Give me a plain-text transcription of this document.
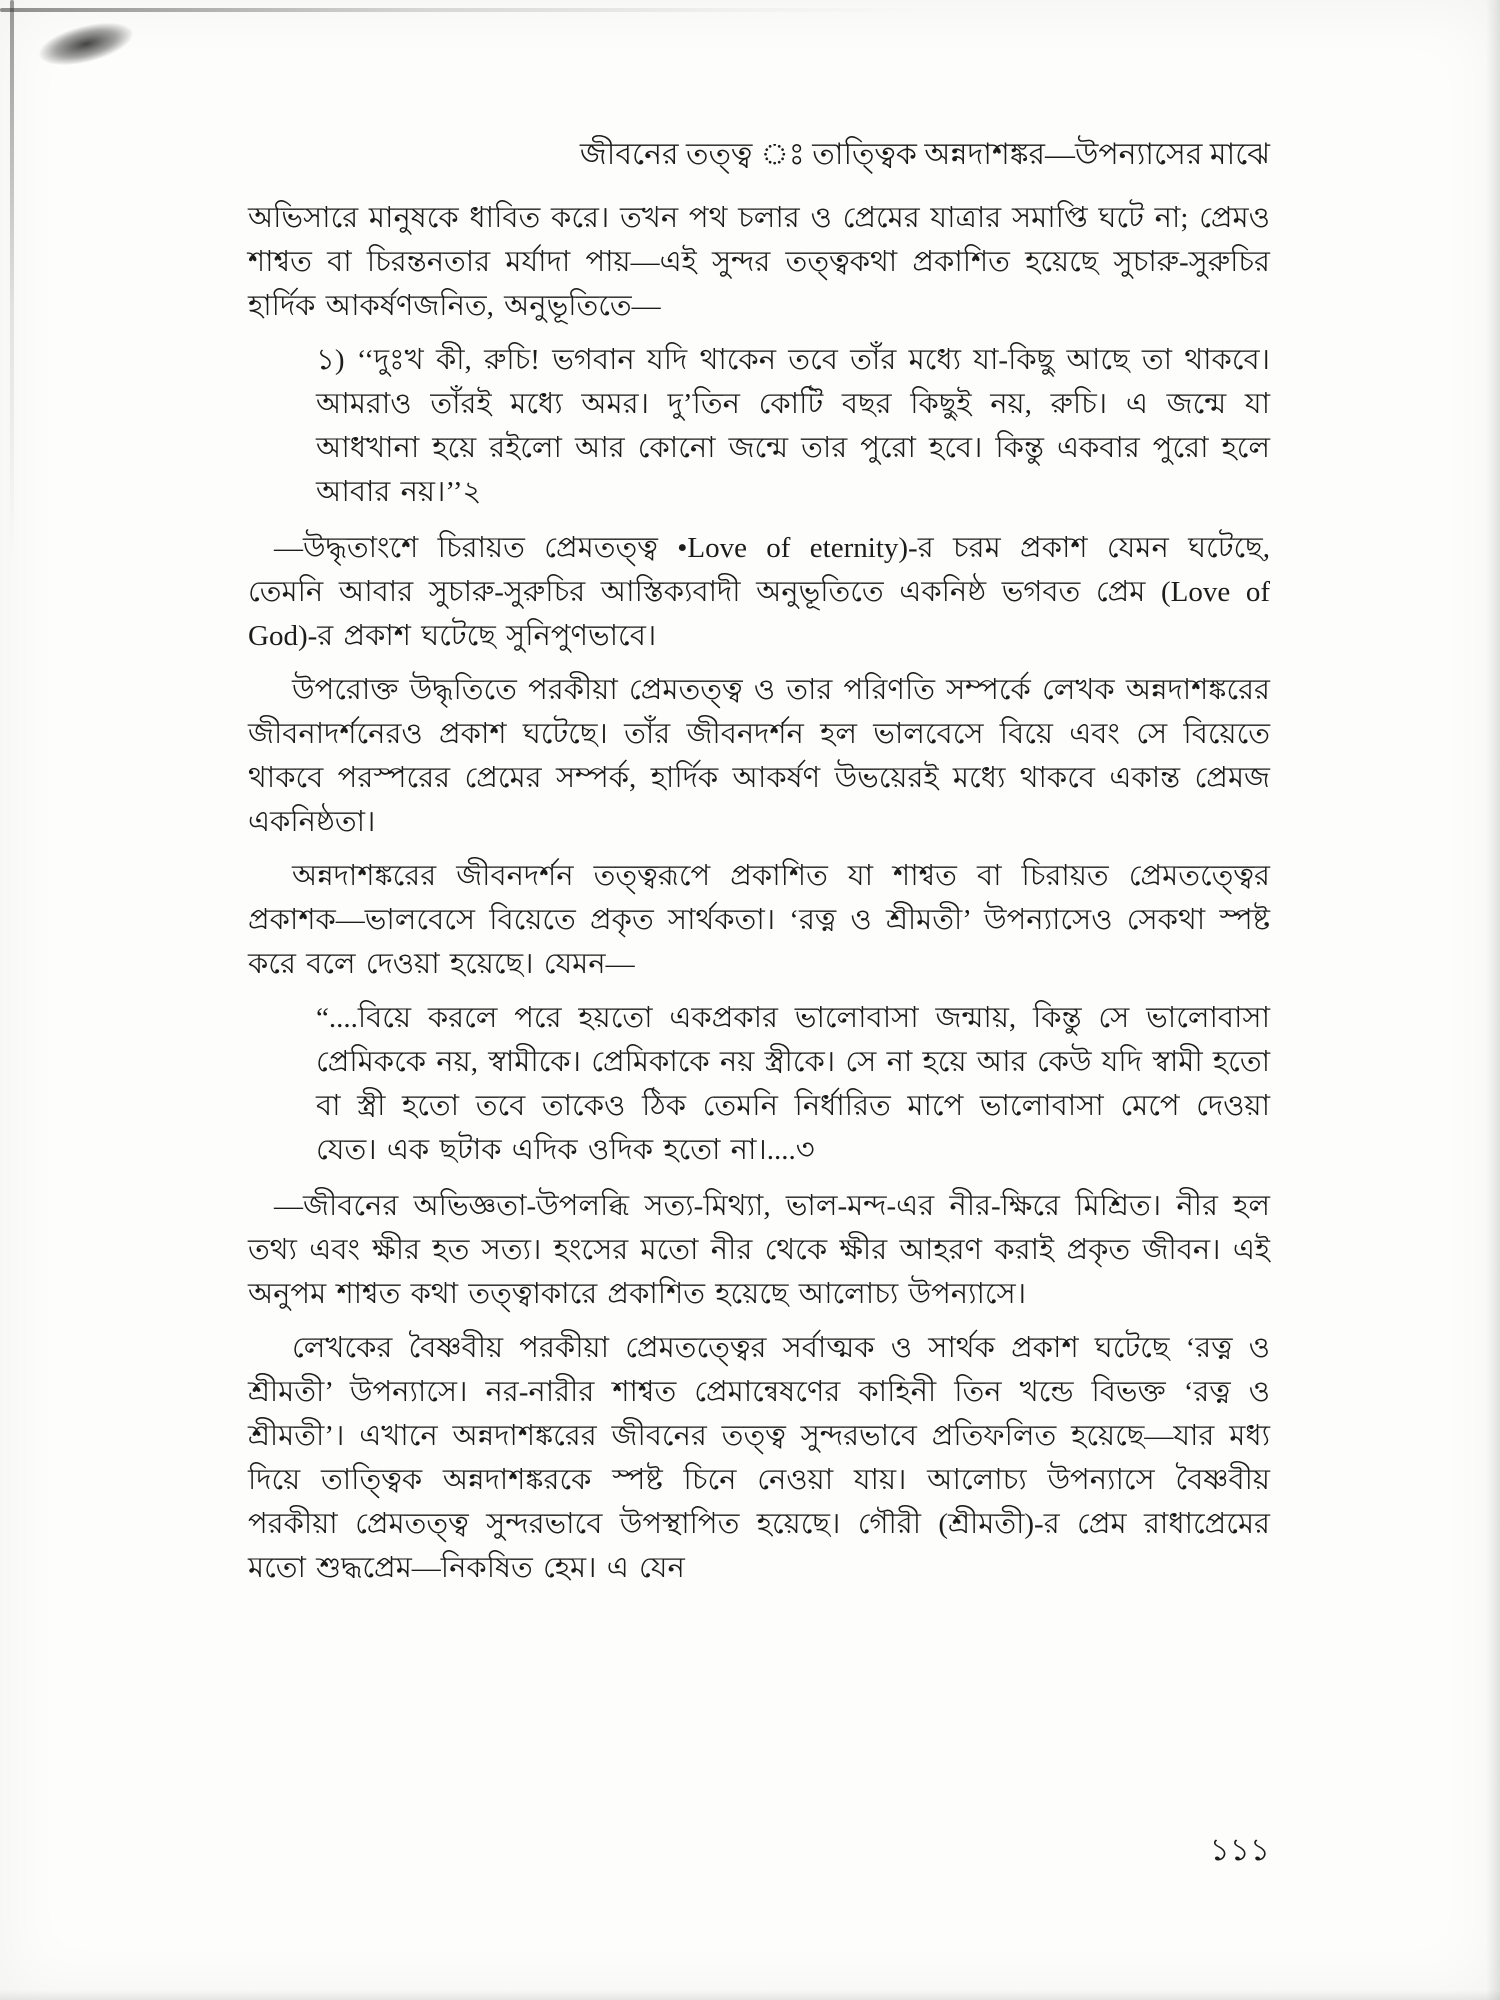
জীবনের তত্ত্ব ঃ তাত্ত্বিক অন্নদাশঙ্কর—উপন্যাসের মাঝে

অভিসারে মানুষকে ধাবিত করে। তখন পথ চলার ও প্রেমের যাত্রার সমাপ্তি ঘটে না; প্রেমও শাশ্বত বা চিরন্তনতার মর্যাদা পায়—এই সুন্দর তত্ত্বকথা প্রকাশিত হয়েছে সুচারু-সুরুচির হার্দিক আকর্ষণজনিত, অনুভূতিতে—

১) ‘‘দুঃখ কী, রুচি! ভগবান যদি থাকেন তবে তাঁর মধ্যে যা-কিছু আছে তা থাকবে। আমরাও তাঁরই মধ্যে অমর। দু’তিন কোটি বছর কিছুই নয়, রুচি। এ জন্মে যা আধখানা হয়ে রইলো আর কোনো জন্মে তার পুরো হবে। কিন্তু একবার পুরো হলে আবার নয়।’’২

—উদ্ধৃতাংশে চিরায়ত প্রেমতত্ত্ব •Love of eternity)-র চরম প্রকাশ যেমন ঘটেছে, তেমনি আবার সুচারু-সুরুচির আস্তিক্যবাদী অনুভূতিতে একনিষ্ঠ ভগবত প্রেম (Love of God)-র প্রকাশ ঘটেছে সুনিপুণভাবে।

উপরোক্ত উদ্ধৃতিতে পরকীয়া প্রেমতত্ত্ব ও তার পরিণতি সম্পর্কে লেখক অন্নদাশঙ্করের জীবনাদর্শনেরও প্রকাশ ঘটেছে। তাঁর জীবনদর্শন হল ভালবেসে বিয়ে এবং সে বিয়েতে থাকবে পরস্পরের প্রেমের সম্পর্ক, হার্দিক আকর্ষণ উভয়েরই মধ্যে থাকবে একান্ত প্রেমজ একনিষ্ঠতা।

অন্নদাশঙ্করের জীবনদর্শন তত্ত্বরূপে প্রকাশিত যা শাশ্বত বা চিরায়ত প্রেমতত্ত্বের প্রকাশক—ভালবেসে বিয়েতে প্রকৃত সার্থকতা। ‘রত্ন ও শ্রীমতী’ উপন্যাসেও সেকথা স্পষ্ট করে বলে দেওয়া হয়েছে। যেমন—

“....বিয়ে করলে পরে হয়তো একপ্রকার ভালোবাসা জন্মায়, কিন্তু সে ভালোবাসা প্রেমিককে নয়, স্বামীকে। প্রেমিকাকে নয় স্ত্রীকে। সে না হয়ে আর কেউ যদি স্বামী হতো বা স্ত্রী হতো তবে তাকেও ঠিক তেমনি নির্ধারিত মাপে ভালোবাসা মেপে দেওয়া যেত। এক ছটাক এদিক ওদিক হতো না।....৩

—জীবনের অভিজ্ঞতা-উপলব্ধি সত্য-মিথ্যা, ভাল-মন্দ-এর নীর-ক্ষিরে মিশ্রিত। নীর হল তথ্য এবং ক্ষীর হত সত্য। হংসের মতো নীর থেকে ক্ষীর আহরণ করাই প্রকৃত জীবন। এই অনুপম শাশ্বত কথা তত্ত্বাকারে প্রকাশিত হয়েছে আলোচ্য উপন্যাসে।

লেখকের বৈষ্ণবীয় পরকীয়া প্রেমতত্ত্বের সর্বাত্মক ও সার্থক প্রকাশ ঘটেছে ‘রত্ন ও শ্রীমতী’ উপন্যাসে। নর-নারীর শাশ্বত প্রেমান্বেষণের কাহিনী তিন খন্ডে বিভক্ত ‘রত্ন ও শ্রীমতী’। এখানে অন্নদাশঙ্করের জীবনের তত্ত্ব সুন্দরভাবে প্রতিফলিত হয়েছে—যার মধ্য দিয়ে তাত্ত্বিক অন্নদাশঙ্করকে স্পষ্ট চিনে নেওয়া যায়। আলোচ্য উপন্যাসে বৈষ্ণবীয় পরকীয়া প্রেমতত্ত্ব সুন্দরভাবে উপস্থাপিত হয়েছে। গৌরী (শ্রীমতী)-র প্রেম রাধাপ্রেমের মতো শুদ্ধপ্রেম—নিকষিত হেম। এ যেন

১১১
